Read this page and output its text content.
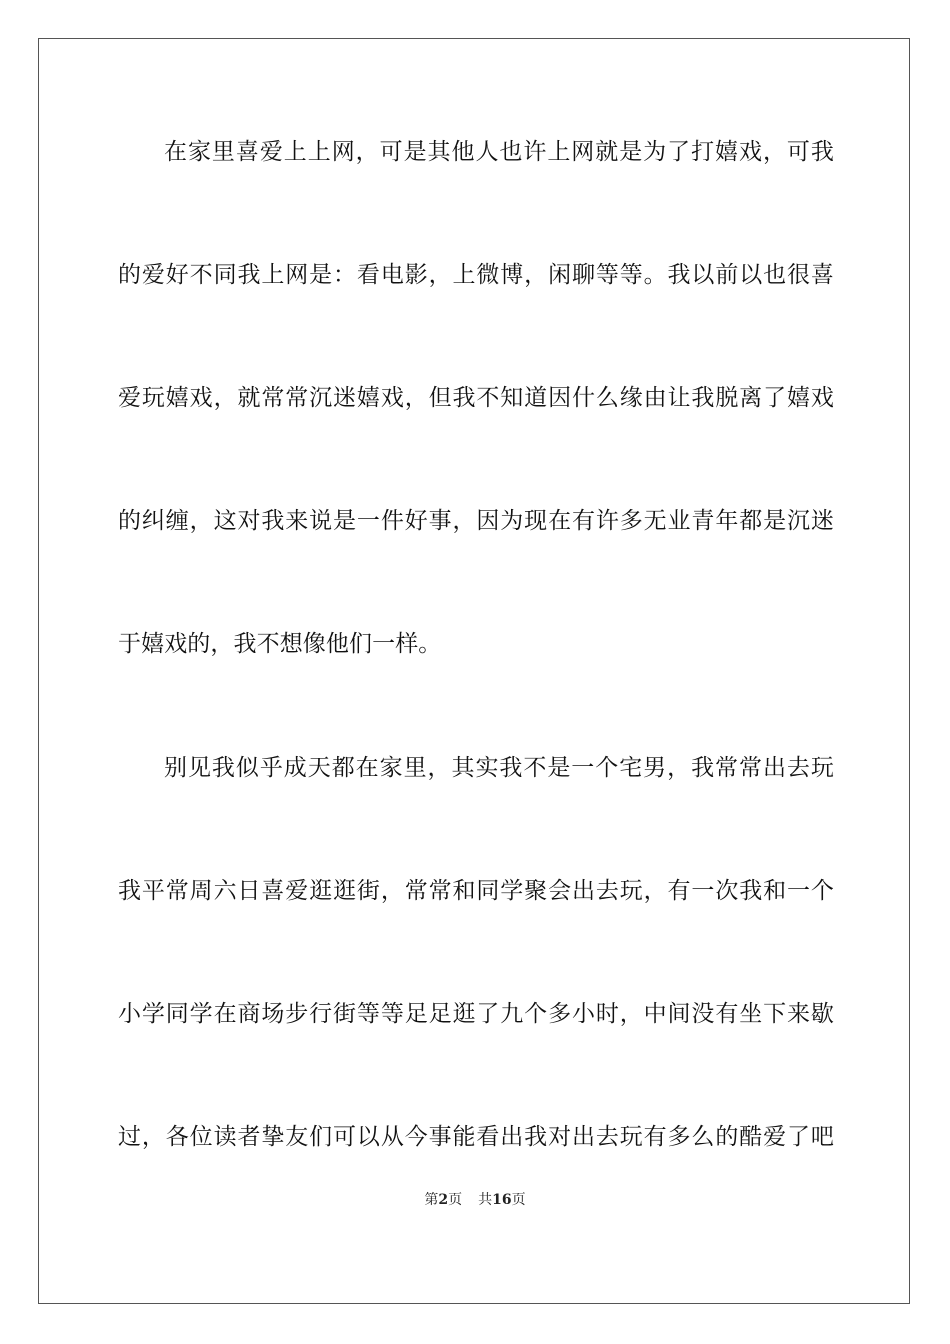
在家里喜爱上上网，可是其他人也许上网就是为了打嬉戏，可我
的爱好不同我上网是：看电影，上微博，闲聊等等。我以前以也很喜
爱玩嬉戏，就常常沉迷嬉戏，但我不知道因什么缘由让我脱离了嬉戏
的纠缠，这对我来说是一件好事，因为现在有许多无业青年都是沉迷
于嬉戏的，我不想像他们一样。
别见我似乎成天都在家里，其实我不是一个宅男，我常常出去玩
我平常周六日喜爱逛逛街，常常和同学聚会出去玩，有一次我和一个
小学同学在商场步行街等等足足逛了九个多小时，中间没有坐下来歇
过，各位读者挚友们可以从今事能看出我对出去玩有多么的酷爱了吧
第2页 共16页
